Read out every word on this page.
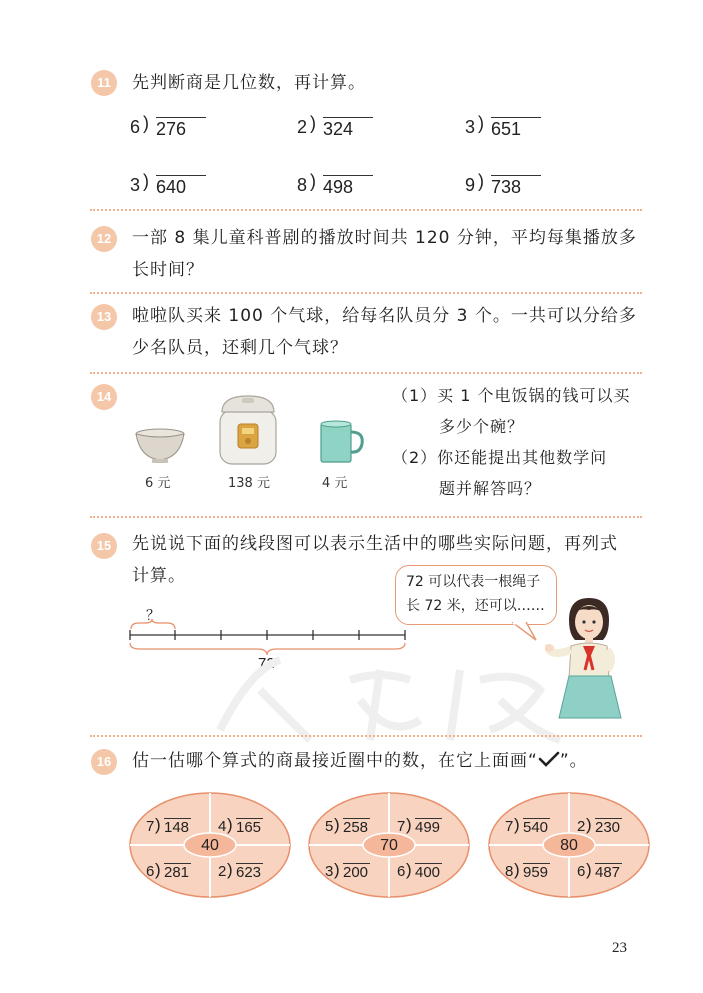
11	先判断商是几位数，再计算。
6 ) 276	2 ) 324	3 ) 651
3 ) 640	8 ) 498	9 ) 738
12	一部 8 集儿童科普剧的播放时间共 120 分钟，平均每集播放多
长时间？
13	啦啦队买来 100 个气球，给每名队员分 3 个。一共可以分给多
少名队员，还剩几个气球？
14
6 元	138 元	4 元
（1）买 1 个电饭锅的钱可以买
多少个碗？
（2）你还能提出其他数学问
题并解答吗？
15	先说说下面的线段图可以表示生活中的哪些实际问题，再列式
计算。
？
72
72 可以代表一根绳子
长 72 米，还可以……
16	估一估哪个算式的商最接近圈中的数，在它上面画“ ”。
40
7 ) 148 4 ) 165
6 ) 281 2 ) 623
70
5 ) 258 7 ) 499
3 ) 200 6 ) 400
80
7 ) 540 2 ) 230
8 ) 959 6 ) 487
23
